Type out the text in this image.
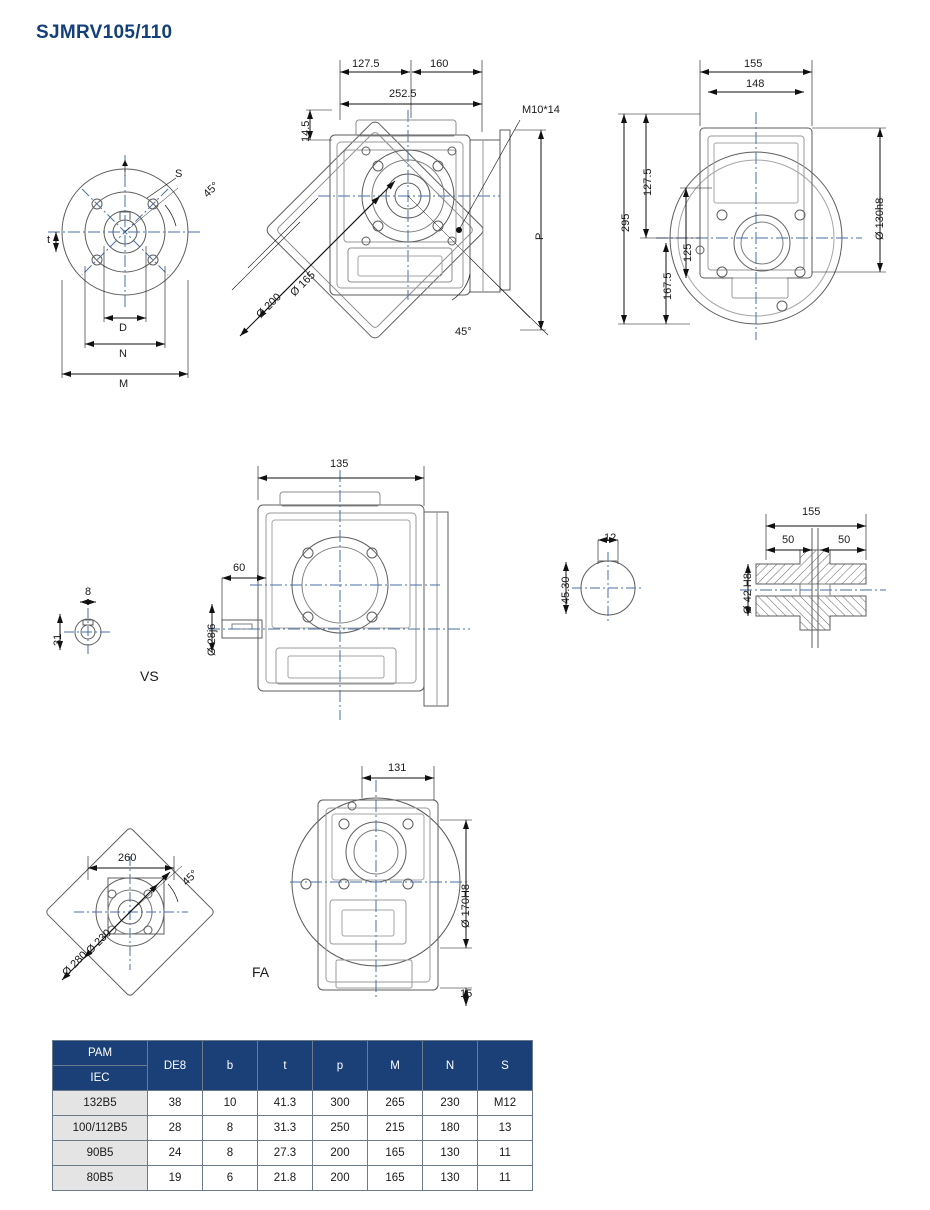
SJMRV105/110
45°
D
N
M
t
S
127.5	160
252.5
14.5
M10*14
Ø 165
Ø 200
45°
P
155
148
295
127.5
167.5
125
Ø 130h8
VS
135
60
Ø 28j6
8
31
12
45.30
155
50	50
Ø 42 H8
FA
131
Ø 170H8
15
260
45°
Ø 230
Ø 280
PAM	DE8	b	t	p	M	N	S
IEC							
132B5	38	10	41.3	300	265	230	M12
100/112B5	28	8	31.3	250	215	180	13
90B5	24	8	27.3	200	165	130	11
80B5	19	6	21.8	200	165	130	11
